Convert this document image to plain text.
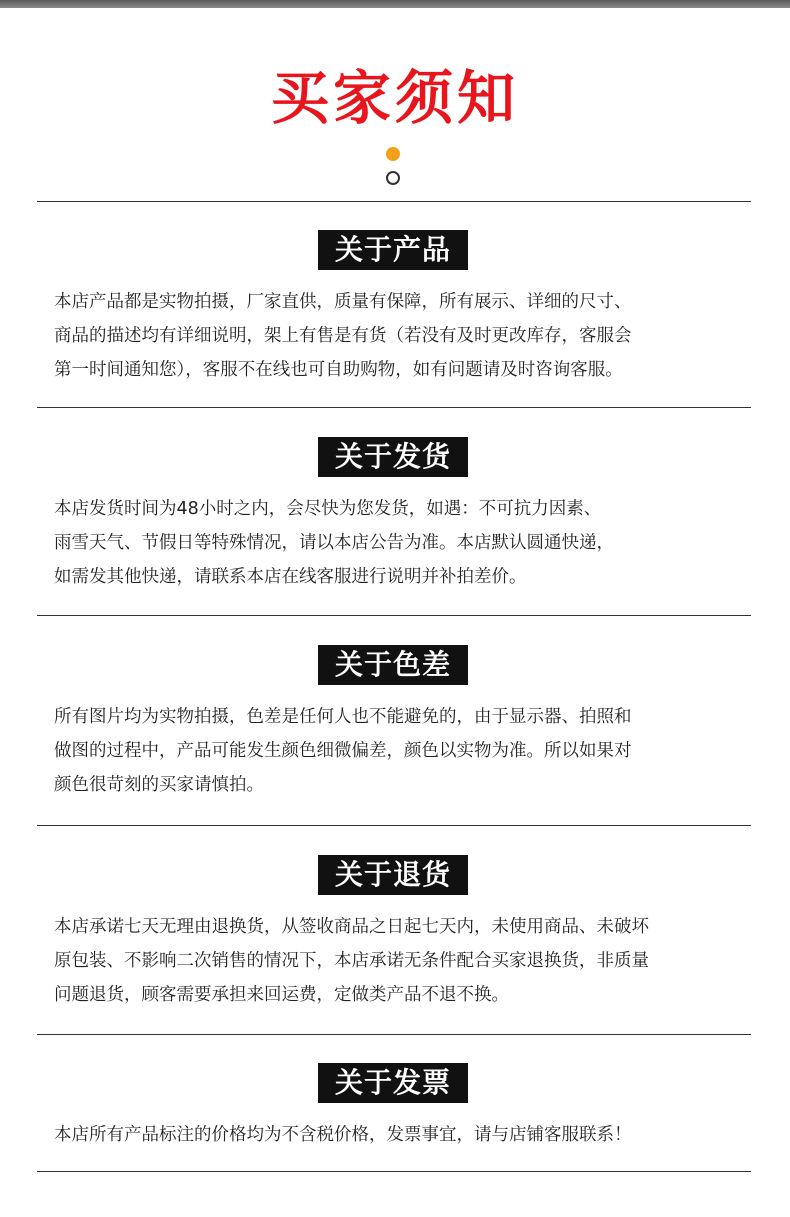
买家须知
关于产品
本店产品都是实物拍摄，厂家直供，质量有保障，所有展示、详细的尺寸、
商品的描述均有详细说明，架上有售是有货（若没有及时更改库存，客服会
第一时间通知您），客服不在线也可自助购物，如有问题请及时咨询客服。
关于发货
本店发货时间为48小时之内，会尽快为您发货，如遇：不可抗力因素、
雨雪天气、节假日等特殊情况，请以本店公告为准。本店默认圆通快递，
如需发其他快递，请联系本店在线客服进行说明并补拍差价。
关于色差
所有图片均为实物拍摄，色差是任何人也不能避免的，由于显示器、拍照和
做图的过程中，产品可能发生颜色细微偏差，颜色以实物为准。所以如果对
颜色很苛刻的买家请慎拍。
关于退货
本店承诺七天无理由退换货，从签收商品之日起七天内，未使用商品、未破坏
原包装、不影响二次销售的情况下，本店承诺无条件配合买家退换货，非质量
问题退货，顾客需要承担来回运费，定做类产品不退不换。
关于发票
本店所有产品标注的价格均为不含税价格，发票事宜，请与店铺客服联系！
